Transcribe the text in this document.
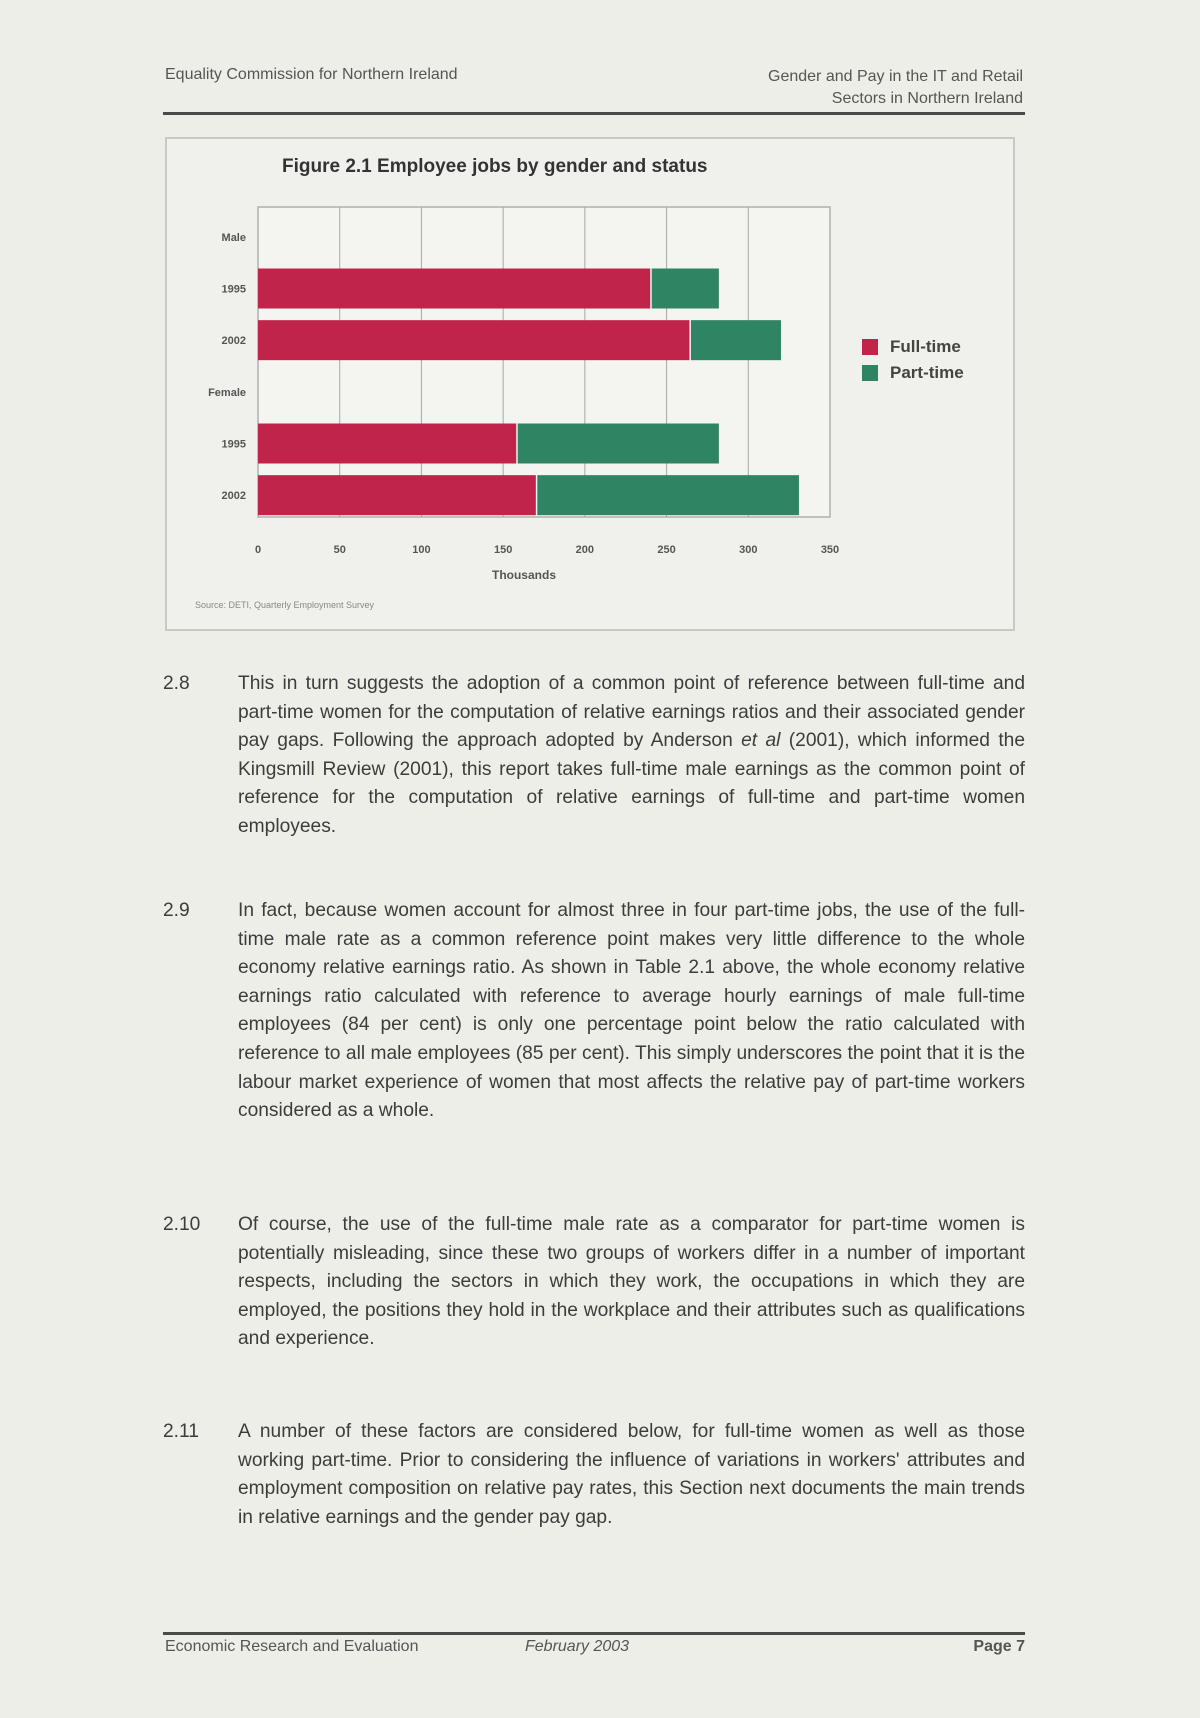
Equality Commission for Northern Ireland	Gender and Pay in the IT and Retail
Sectors in Northern Ireland
Figure 2.1 Employee jobs by gender and status
0	50	100	150	200	250	300	350
Thousands
Male
1995
2002
Female
1995
2002
Full-time
Part-time
Source: DETI, Quarterly Employment Survey
2.8	This in turn suggests the adoption of a common point of reference between full-time and part-time women for the computation of relative earnings ratios and their associated gender pay gaps. Following the approach adopted by Anderson et al (2001), which informed the Kingsmill Review (2001), this report takes full-time male earnings as the common point of reference for the computation of relative earnings of full-time and part-time women employees.
2.9	In fact, because women account for almost three in four part-time jobs, the use of the full-time male rate as a common reference point makes very little difference to the whole economy relative earnings ratio. As shown in Table 2.1 above, the whole economy relative earnings ratio calculated with reference to average hourly earnings of male full-time employees (84 per cent) is only one percentage point below the ratio calculated with reference to all male employees (85 per cent). This simply underscores the point that it is the labour market experience of women that most affects the relative pay of part-time workers considered as a whole.
2.10 Of course, the use of the full-time male rate as a comparator for part-time women is potentially misleading, since these two groups of workers differ in a number of important respects, including the sectors in which they work, the occupations in which they are employed, the positions they hold in the workplace and their attributes such as qualifications and experience.
2.11 A number of these factors are considered below, for full-time women as well as those working part-time. Prior to considering the influence of variations in workers' attributes and employment composition on relative pay rates, this Section next documents the main trends in relative earnings and the gender pay gap.
Economic Research and Evaluation	February 2003	Page 7
